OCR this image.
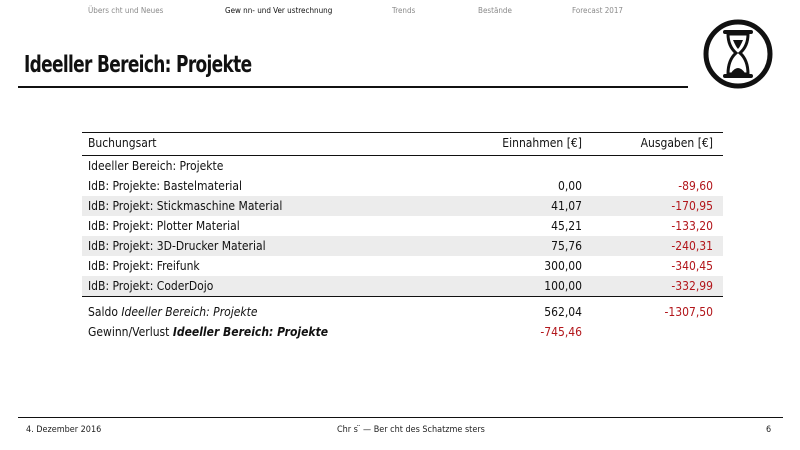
Übers cht und Neues	Gew nn- und Ver ustrechnung	Trends	Bestände	Forecast 2017
Ideeller Bereich: Projekte
Buchungsart	Einnahmen [€]	Ausgaben [€]
Ideeller Bereich: Projekte
IdB: Projekte: Bastelmaterial	0,00	-89,60
IdB: Projekt: Stickmaschine Material	41,07	-170,95
IdB: Projekt: Plotter Material	45,21	-133,20
IdB: Projekt: 3D-Drucker Material	75,76	-240,31
IdB: Projekt: Freifunk	300,00	-340,45
IdB: Projekt: CoderDojo	100,00	-332,99
Saldo Ideeller Bereich: Projekte	562,04	-1307,50
Gewinn/Verlust Ideeller Bereich: Projekte	-745,46
4. Dezember 2016	Chr s ̈ — Ber cht des Schatzme sters	6
